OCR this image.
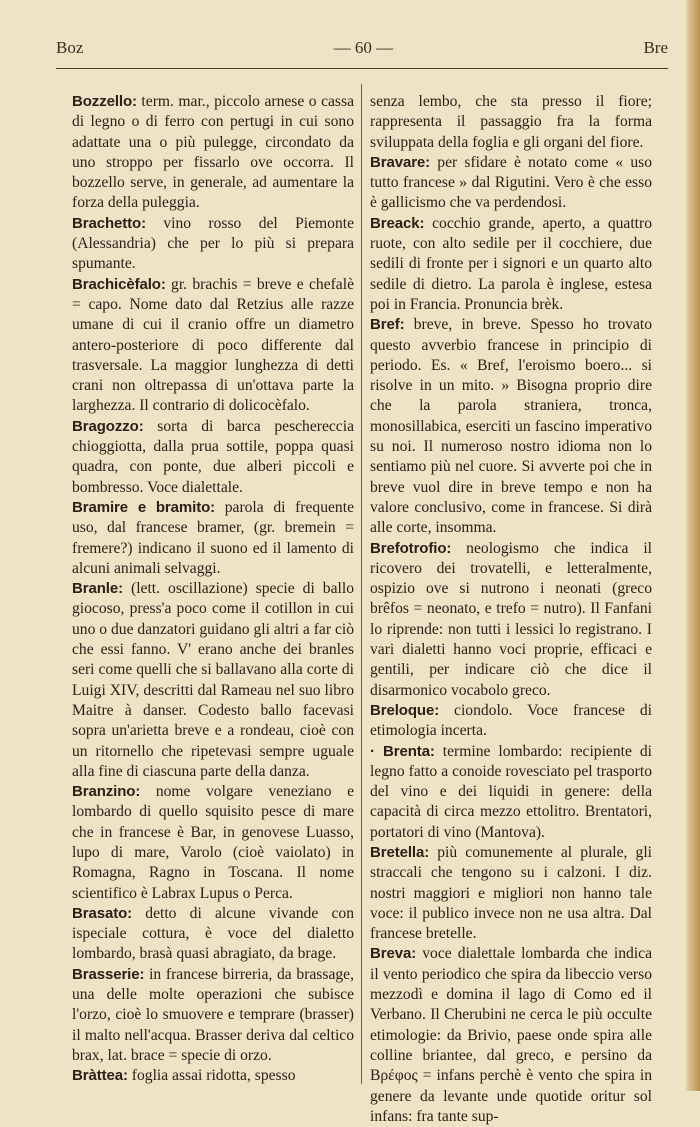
Boz	— 60 —	Bre

Bozzello: term. mar., piccolo arnese o cassa di legno o di ferro con pertugi in cui sono adattate una o più pulegge, circondato da uno stroppo per fissarlo ove occorra. Il bozzello serve, in generale, ad aumentare la forza della puleggia.

Brachetto: vino rosso del Piemonte (Alessandria) che per lo più si prepara spumante.

Brachicèfalo: gr. brachis = breve e chefalè = capo. Nome dato dal Retzius alle razze umane di cui il cranio offre un diametro antero-posteriore di poco differente dal trasversale. La maggior lunghezza di detti crani non oltrepassa di un'ottava parte la larghezza. Il contrario di dolicocèfalo.

Bragozzo: sorta di barca peschereccia chioggiotta, dalla prua sottile, poppa quasi quadra, con ponte, due alberi piccoli e bombresso. Voce dialettale.

Bramire e bramito: parola di frequente uso, dal francese bramer, (gr. bremein = fremere?) indicano il suono ed il lamento di alcuni animali selvaggi.

Branle: (lett. oscillazione) specie di ballo giocoso, press'a poco come il cotillon in cui uno o due danzatori guidano gli altri a far ciò che essi fanno. V' erano anche dei branles seri come quelli che si ballavano alla corte di Luigi XIV, descritti dal Rameau nel suo libro Maitre à danser. Codesto ballo facevasi sopra un'arietta breve e a rondeau, cioè con un ritornello che ripetevasi sempre uguale alla fine di ciascuna parte della danza.

Branzino: nome volgare veneziano e lombardo di quello squisito pesce di mare che in francese è Bar, in genovese Luasso, lupo di mare, Varolo (cioè vaiolato) in Romagna, Ragno in Toscana. Il nome scientifico è Labrax Lupus o Perca.

Brasato: detto di alcune vivande con ispeciale cottura, è voce del dialetto lombardo, brasà quasi abragiato, da brage.

Brasserie: in francese birreria, da brassage, una delle molte operazioni che subisce l'orzo, cioè lo smuovere e temprare (brasser) il malto nell'acqua. Brasser deriva dal celtico brax, lat. brace = specie di orzo.

Bràttea: foglia assai ridotta, spesso

senza lembo, che sta presso il fiore; rappresenta il passaggio fra la forma sviluppata della foglia e gli organi del fiore.

Bravare: per sfidare è notato come « uso tutto francese » dal Rigutini. Vero è che esso è gallicismo che va perdendosi.

Breack: cocchio grande, aperto, a quattro ruote, con alto sedile per il cocchiere, due sedili di fronte per i signori e un quarto alto sedile di dietro. La parola è inglese, estesa poi in Francia. Pronuncia brèk.

Bref: breve, in breve. Spesso ho trovato questo avverbio francese in principio di periodo. Es. « Bref, l'eroismo boero... si risolve in un mito. » Bisogna proprio dire che la parola straniera, tronca, monosillabica, eserciti un fascino imperativo su noi. Il numeroso nostro idioma non lo sentiamo più nel cuore. Si avverte poi che in breve vuol dire in breve tempo e non ha valore conclusivo, come in francese. Si dirà alle corte, insomma.

Brefotrofio: neologismo che indica il ricovero dei trovatelli, e letteralmente, ospizio ove si nutrono i neonati (greco brêfos = neonato, e trefo = nutro). Il Fanfani lo riprende: non tutti i lessici lo registrano. I vari dialetti hanno voci proprie, efficaci e gentili, per indicare ciò che dice il disarmonico vocabolo greco.

Breloque: ciondolo. Voce francese di etimologia incerta.

· Brenta: termine lombardo: recipiente di legno fatto a conoide rovesciato pel trasporto del vino e dei liquidi in genere: della capacità di circa mezzo ettolitro. Brentatori, portatori di vino (Mantova).

Bretella: più comunemente al plurale, gli straccali che tengono su i calzoni. I diz. nostri maggiori e migliori non hanno tale voce: il publico invece non ne usa altra. Dal francese bretelle.

Breva: voce dialettale lombarda che indica il vento periodico che spira da libeccio verso mezzodì e domina il lago di Como ed il Verbano. Il Cherubini ne cerca le più occulte etimologie: da Brivio, paese onde spira alle colline briantee, dal greco, e persino da Βρέφος = infans perchè è vento che spira in genere da levante unde quotide oritur sol infans: fra tante sup-
